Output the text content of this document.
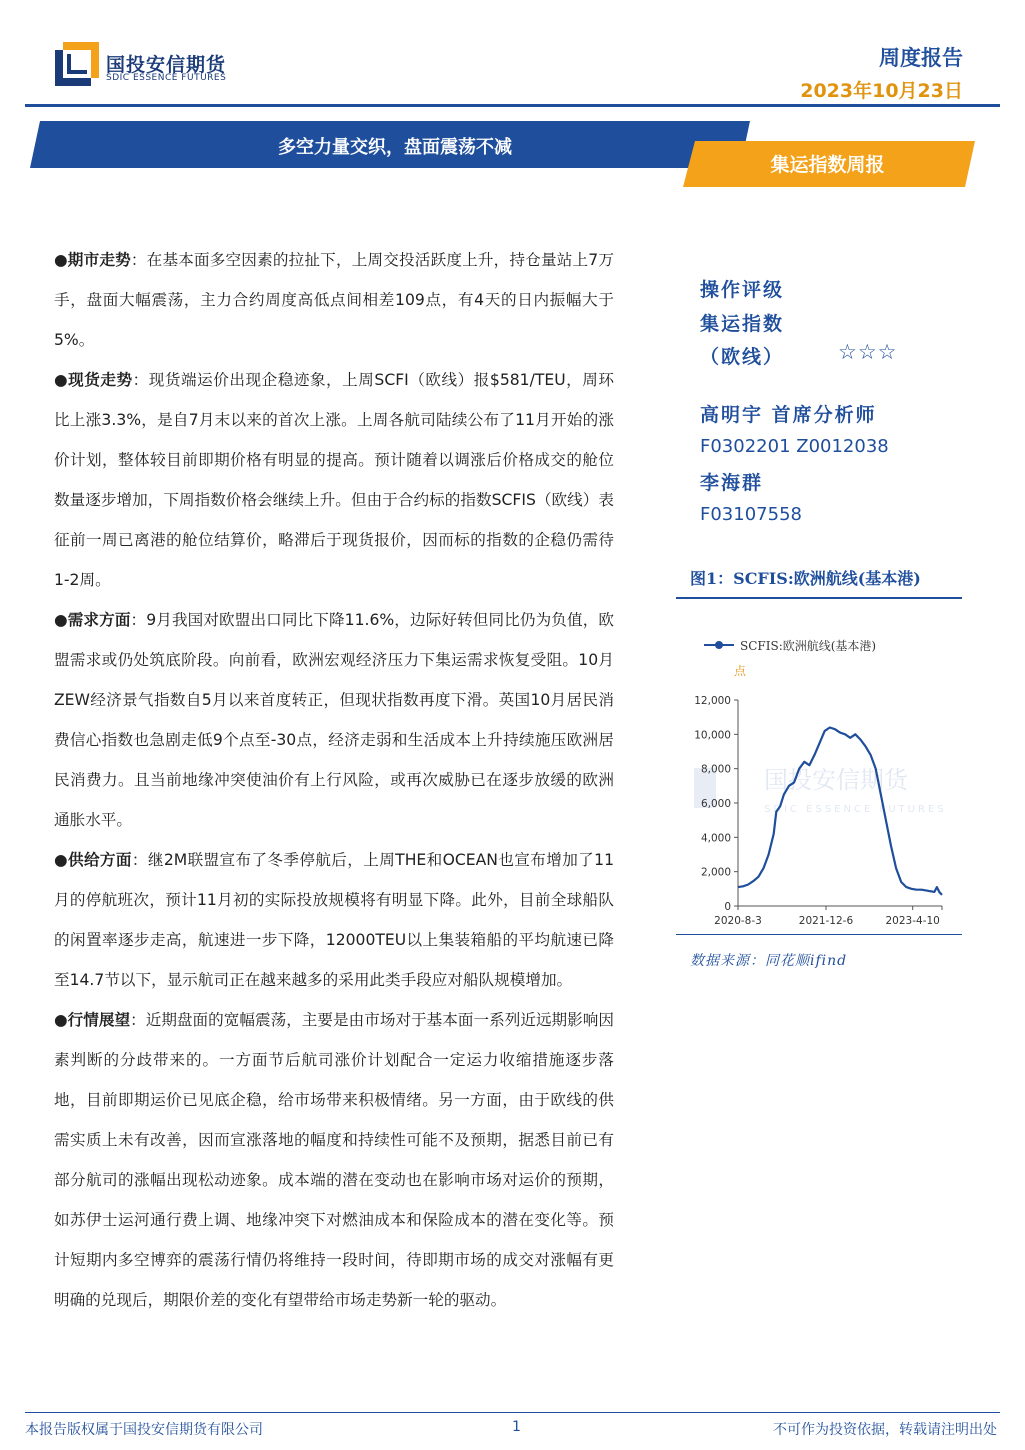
国投安信期货
SDIC ESSENCE FUTURES
周度报告
2023年10月23日
多空力量交织，盘面震荡不减
集运指数周报

●期市走势：在基本面多空因素的拉扯下，上周交投活跃度上升，持仓量站上7万手，盘面大幅震荡，主力合约周度高低点间相差109点，有4天的日内振幅大于5%。

●现货走势：现货端运价出现企稳迹象，上周SCFI（欧线）报$581/TEU，周环比上涨3.3%，是自7月末以来的首次上涨。上周各航司陆续公布了11月开始的涨价计划，整体较目前即期价格有明显的提高。预计随着以调涨后价格成交的舱位数量逐步增加，下周指数价格会继续上升。但由于合约标的指数SCFIS（欧线）表征前一周已离港的舱位结算价，略滞后于现货报价，因而标的指数的企稳仍需待1-2周。

●需求方面：9月我国对欧盟出口同比下降11.6%，边际好转但同比仍为负值，欧盟需求或仍处筑底阶段。向前看，欧洲宏观经济压力下集运需求恢复受阻。10月ZEW经济景气指数自5月以来首度转正，但现状指数再度下滑。英国10月居民消费信心指数也急剧走低9个点至-30点，经济走弱和生活成本上升持续施压欧洲居民消费力。且当前地缘冲突使油价有上行风险，或再次威胁已在逐步放缓的欧洲通胀水平。

●供给方面：继2M联盟宣布了冬季停航后，上周THE和OCEAN也宣布增加了11月的停航班次，预计11月初的实际投放规模将有明显下降。此外，目前全球船队的闲置率逐步走高，航速进一步下降，12000TEU以上集装箱船的平均航速已降至14.7节以下，显示航司正在越来越多的采用此类手段应对船队规模增加。

●行情展望：近期盘面的宽幅震荡，主要是由市场对于基本面一系列近远期影响因素判断的分歧带来的。一方面节后航司涨价计划配合一定运力收缩措施逐步落地，目前即期运价已见底企稳，给市场带来积极情绪。另一方面，由于欧线的供需实质上未有改善，因而宣涨落地的幅度和持续性可能不及预期，据悉目前已有部分航司的涨幅出现松动迹象。成本端的潜在变动也在影响市场对运价的预期，如苏伊士运河通行费上调、地缘冲突下对燃油成本和保险成本的潜在变化等。预计短期内多空博弈的震荡行情仍将维持一段时间，待即期市场的成交对涨幅有更明确的兑现后，期限价差的变化有望带给市场走势新一轮的驱动。

操作评级
集运指数
（欧线）	☆☆☆
高明宇 首席分析师
F0302201 Z0012038
李海群
F03107558
图1：SCFIS:欧洲航线(基本港)
SCFIS:欧洲航线(基本港)
点
国投安信期货
SDIC ESSENCE FUTURES
0
2,000
4,000
6,000
8,000
10,000
12,000
2020-8-3	2021-12-6	2023-4-10
数据来源：同花顺ifind
本报告版权属于国投安信期货有限公司	1	不可作为投资依据，转载请注明出处
